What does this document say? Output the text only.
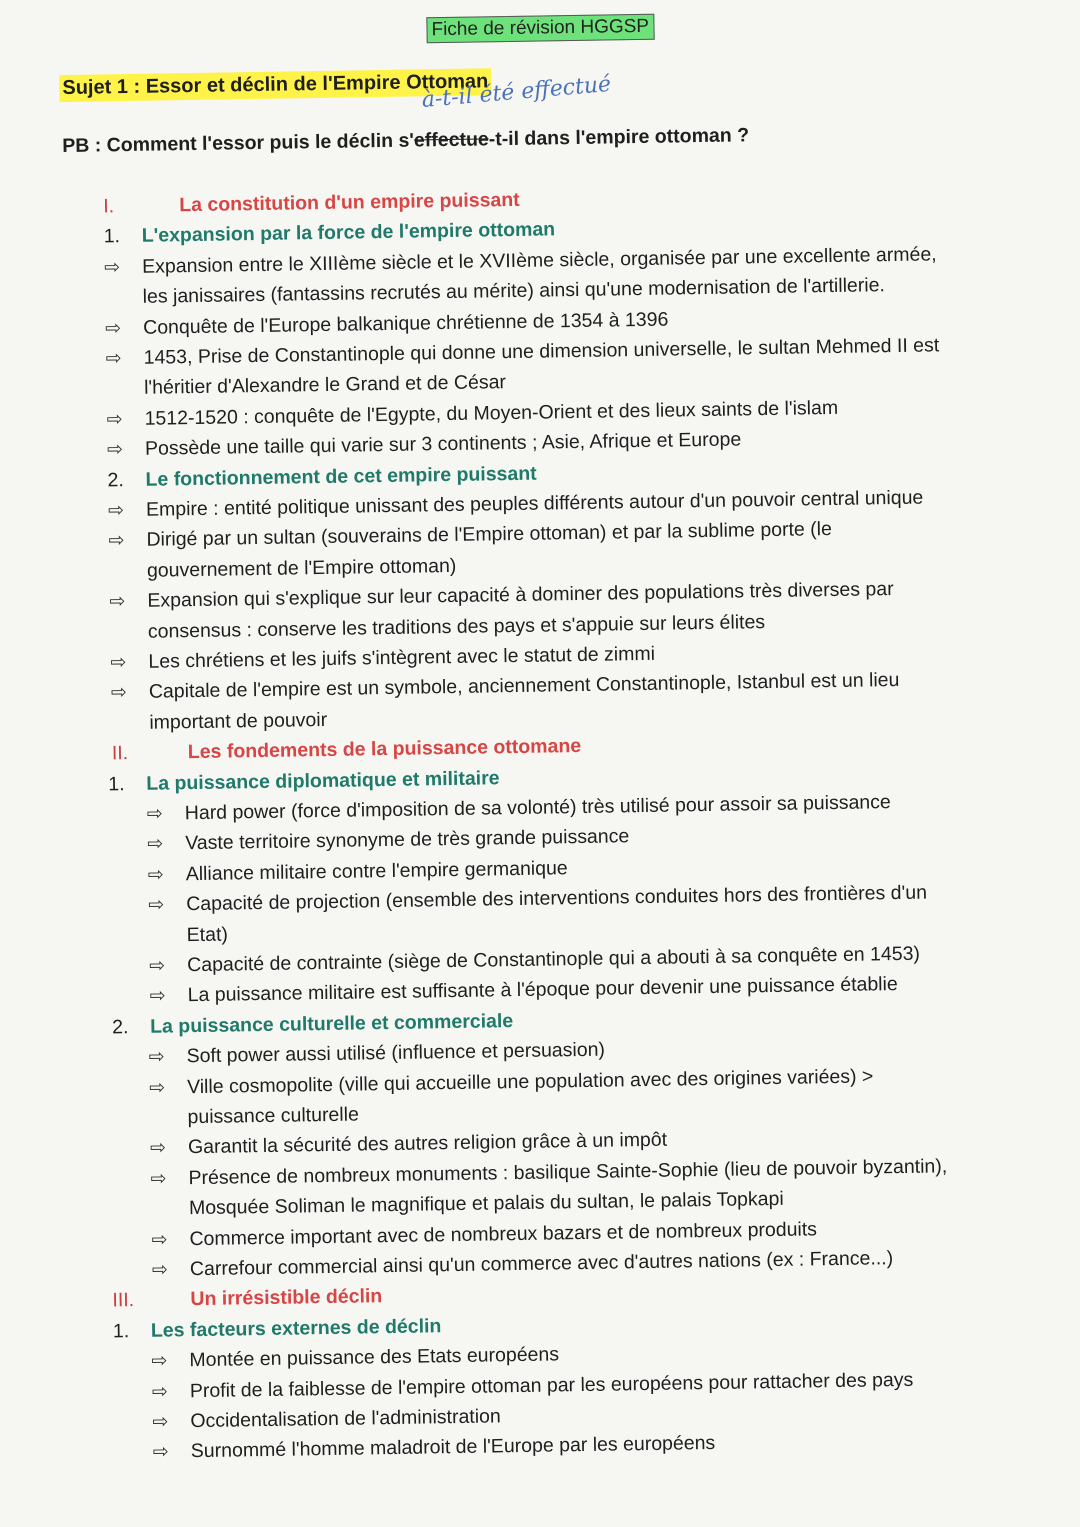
Fiche de révision HGGSP
Sujet 1 : Essor et déclin de l'Empire Ottoman
à-t-il été effectué
PB : Comment l'essor puis le déclin s'effectue-t-il dans l'empire ottoman ?
I.	La constitution d'un empire puissant
1. L'expansion par la force de l'empire ottoman
⇨ Expansion entre le XIIIème siècle et le XVIIème siècle, organisée par une excellente armée,
les janissaires (fantassins recrutés au mérite) ainsi qu'une modernisation de l'artillerie.
⇨ Conquête de l'Europe balkanique chrétienne de 1354 à 1396
⇨ 1453, Prise de Constantinople qui donne une dimension universelle, le sultan Mehmed II est
l'héritier d'Alexandre le Grand et de César
⇨ 1512-1520 : conquête de l'Egypte, du Moyen-Orient et des lieux saints de l'islam
⇨ Possède une taille qui varie sur 3 continents ; Asie, Afrique et Europe
2. Le fonctionnement de cet empire puissant
⇨ Empire : entité politique unissant des peuples différents autour d'un pouvoir central unique
⇨ Dirigé par un sultan (souverains de l'Empire ottoman) et par la sublime porte (le
gouvernement de l'Empire ottoman)
⇨ Expansion qui s'explique sur leur capacité à dominer des populations très diverses par
consensus : conserve les traditions des pays et s'appuie sur leurs élites
⇨ Les chrétiens et les juifs s'intègrent avec le statut de zimmi
⇨ Capitale de l'empire est un symbole, anciennement Constantinople, Istanbul est un lieu
important de pouvoir
II.	Les fondements de la puissance ottomane
1. La puissance diplomatique et militaire
⇨ Hard power (force d'imposition de sa volonté) très utilisé pour assoir sa puissance
⇨ Vaste territoire synonyme de très grande puissance
⇨ Alliance militaire contre l'empire germanique
⇨ Capacité de projection (ensemble des interventions conduites hors des frontières d'un
Etat)
⇨ Capacité de contrainte (siège de Constantinople qui a abouti à sa conquête en 1453)
⇨ La puissance militaire est suffisante à l'époque pour devenir une puissance établie
2. La puissance culturelle et commerciale
⇨ Soft power aussi utilisé (influence et persuasion)
⇨ Ville cosmopolite (ville qui accueille une population avec des origines variées) >
puissance culturelle
⇨ Garantit la sécurité des autres religion grâce à un impôt
⇨ Présence de nombreux monuments : basilique Sainte-Sophie (lieu de pouvoir byzantin),
Mosquée Soliman le magnifique et palais du sultan, le palais Topkapi
⇨ Commerce important avec de nombreux bazars et de nombreux produits
⇨ Carrefour commercial ainsi qu'un commerce avec d'autres nations (ex : France...)
III.	Un irrésistible déclin
1. Les facteurs externes de déclin
⇨ Montée en puissance des Etats européens
⇨ Profit de la faiblesse de l'empire ottoman par les européens pour rattacher des pays
⇨ Occidentalisation de l'administration
⇨ Surnommé l'homme maladroit de l'Europe par les européens
